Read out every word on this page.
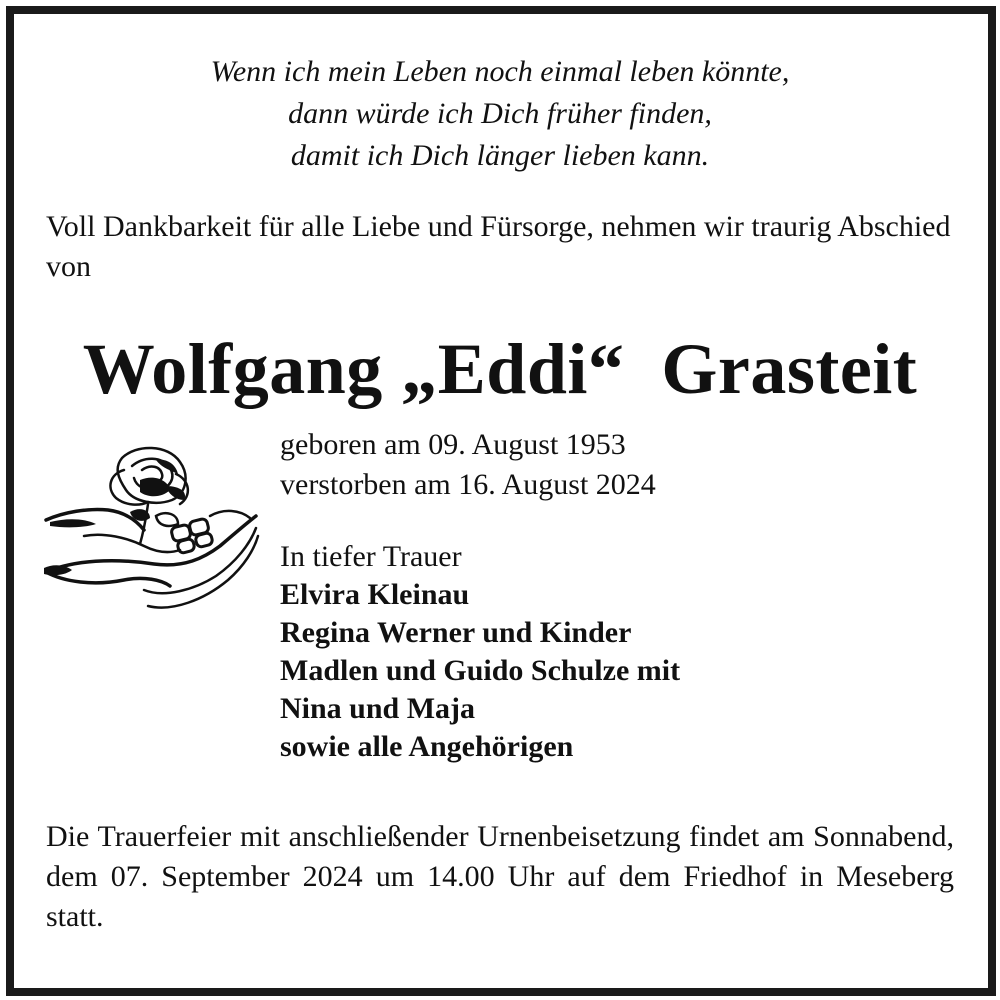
Wenn ich mein Leben noch einmal leben könnte,
dann würde ich Dich früher finden,
damit ich Dich länger lieben kann.
Voll Dankbarkeit für alle Liebe und Fürsorge, nehmen wir traurig Abschied von
Wolfgang „Eddi“  Grasteit
geboren am 09. August 1953
verstorben am 16. August 2024
In tiefer Trauer
Elvira Kleinau
Regina Werner und Kinder
Madlen und Guido Schulze mit
Nina und Maja
sowie alle Angehörigen
Die Trauerfeier mit anschließender Urnenbeisetzung findet am Sonnabend, dem 07. September 2024 um 14.00 Uhr auf dem Friedhof in Meseberg statt.
